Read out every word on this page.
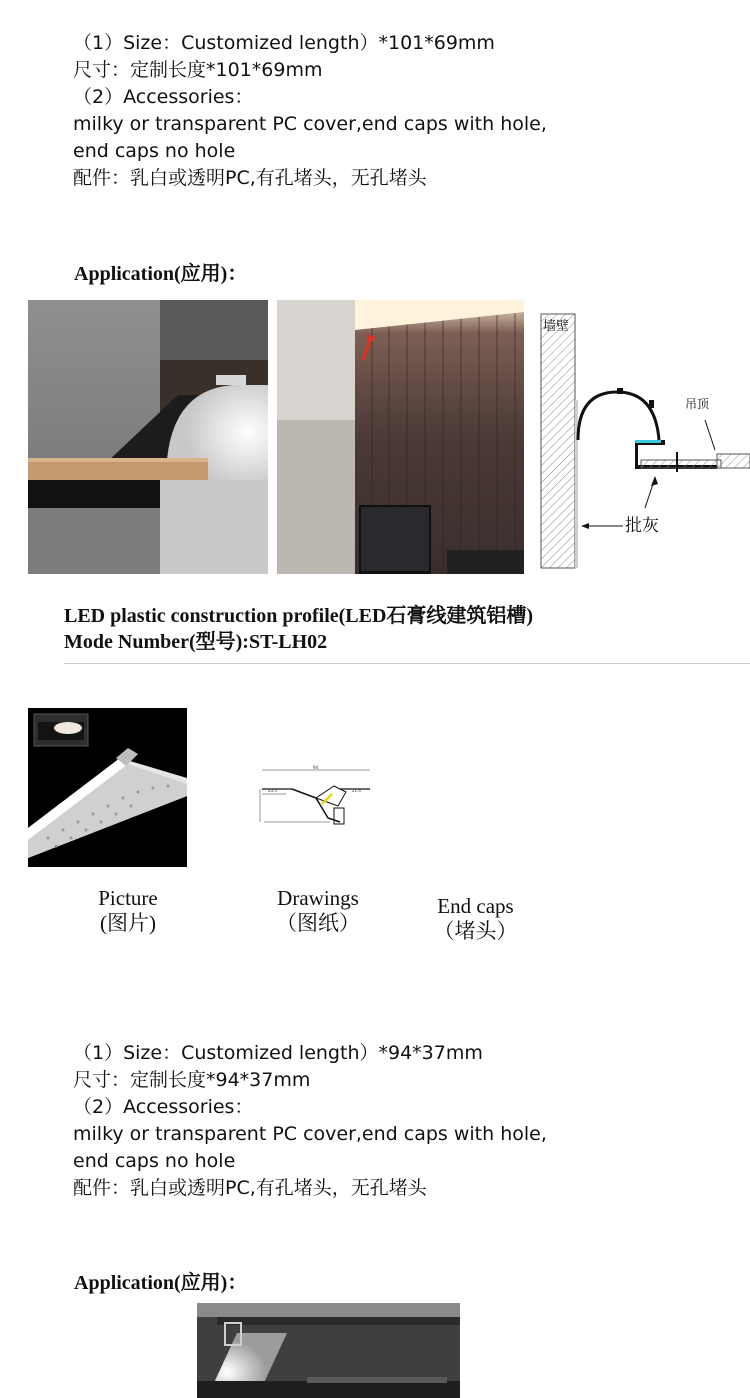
（1）Size：Customized length）*101*69mm
尺寸：定制长度*101*69mm
（2）Accessories：
milky or transparent PC cover,end caps with hole,
end caps no hole
配件：乳白或透明PC,有孔堵头，无孔堵头
Application(应用)：
墙壁
吊顶
批灰
LED plastic construction profile(LED石膏线建筑铝槽)
Mode Number(型号):ST-LH02
94
23.5	21.4
Picture
(图片)
Drawings
（图纸）
End caps
（堵头）
（1）Size：Customized length）*94*37mm
尺寸：定制长度*94*37mm
（2）Accessories：
milky or transparent PC cover,end caps with hole,
end caps no hole
配件：乳白或透明PC,有孔堵头，无孔堵头
Application(应用)：
